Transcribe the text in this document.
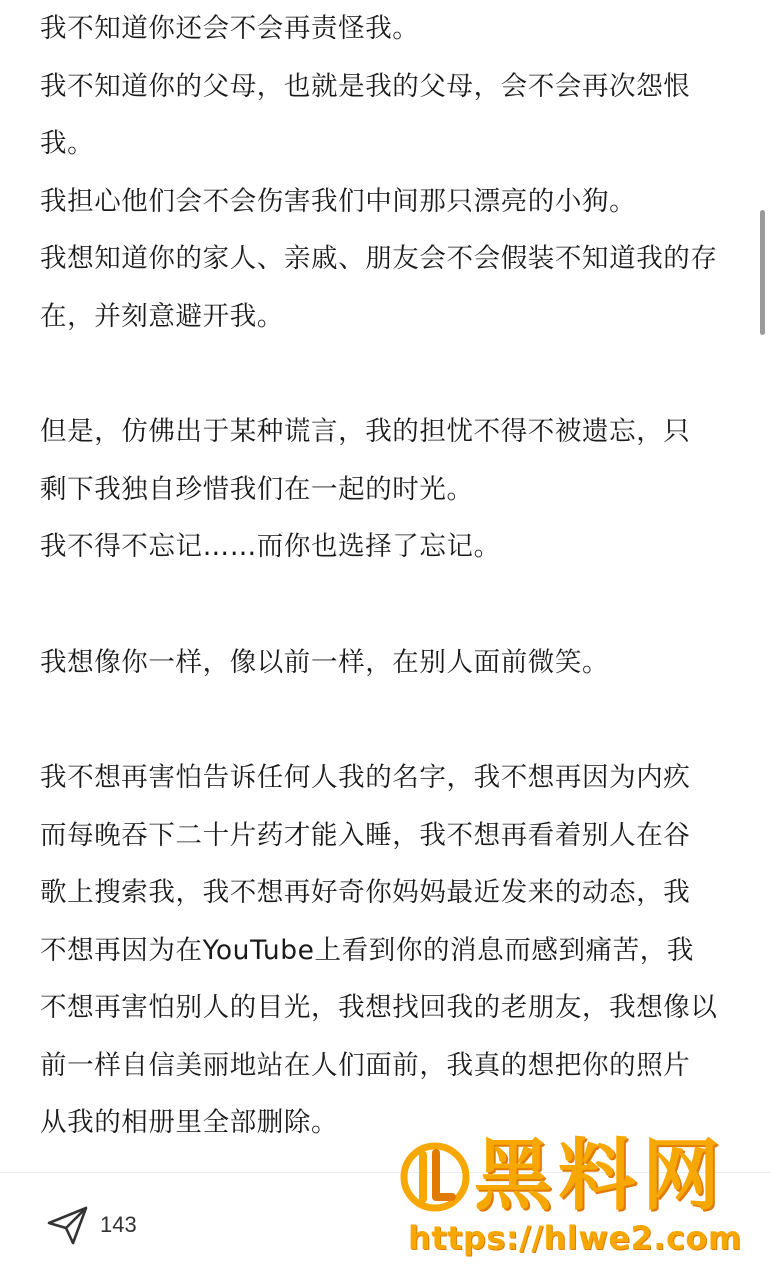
我不知道你还会不会再责怪我。
我不知道你的父母，也就是我的父母，会不会再次怨恨
我。
我担心他们会不会伤害我们中间那只漂亮的小狗。
我想知道你的家人、亲戚、朋友会不会假装不知道我的存
在，并刻意避开我。
但是，仿佛出于某种谎言，我的担忧不得不被遗忘，只
剩下我独自珍惜我们在一起的时光。
我不得不忘记……而你也选择了忘记。
我想像你一样，像以前一样，在别人面前微笑。
我不想再害怕告诉任何人我的名字，我不想再因为内疚
而每晚吞下二十片药才能入睡，我不想再看着别人在谷
歌上搜索我，我不想再好奇你妈妈最近发来的动态，我
不想再因为在YouTube上看到你的消息而感到痛苦，我
不想再害怕别人的目光，我想找回我的老朋友，我想像以
前一样自信美丽地站在人们面前，我真的想把你的照片
从我的相册里全部删除。
143
黑料网
https://hlwe2.com
